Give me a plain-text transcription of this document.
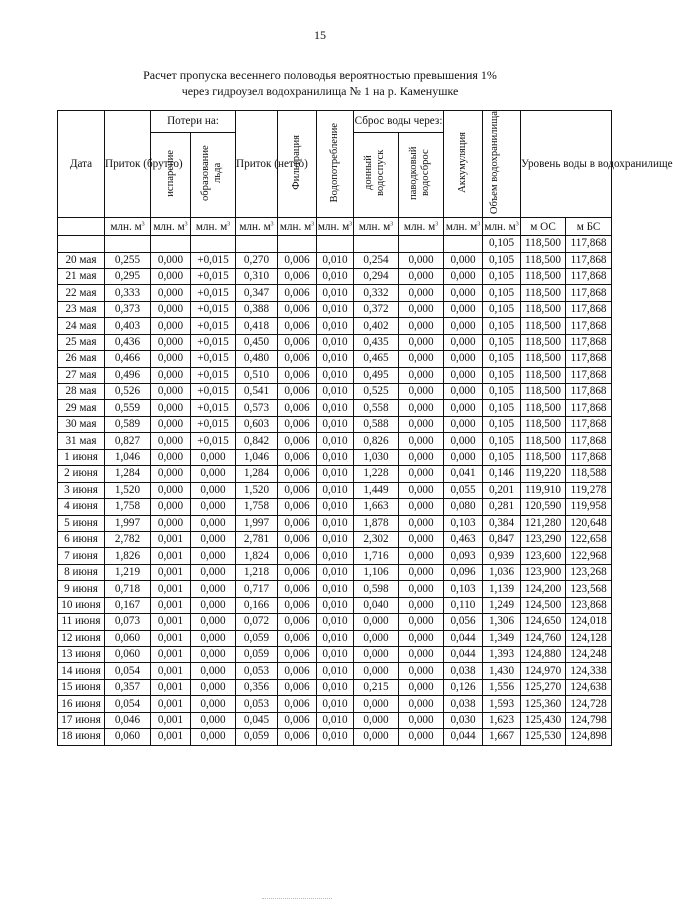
15
Расчет пропуска весеннего половодья вероятностью превышения 1%
через гидроузел водохранилища № 1 на р. Каменушке
Дата	Приток (брутто)	Потери на:		Приток (нетто)	Фильтрация	Водопотребление	Сброс воды через:		Аккумуляция	Объем водохранилища	Уровень воды в водохранилище	
		испарение	образование льда				донный водоспуск	паводковый водосброс				
	млн. $м^3$	млн. $м^3$	млн. $м^3$	млн. $м^3$	млн. $м^3$	млн. $м^3$	млн. $м^3$	млн. $м^3$	млн. $м^3$	млн. $м^3$	м ОС	м БС
										0,105	118,500	117,868
20 мая	0,255	0,000	+0,015	0,270	0,006	0,010	0,254	0,000	0,000	0,105	118,500	117,868
21 мая	0,295	0,000	+0,015	0,310	0,006	0,010	0,294	0,000	0,000	0,105	118,500	117,868
22 мая	0,333	0,000	+0,015	0,347	0,006	0,010	0,332	0,000	0,000	0,105	118,500	117,868
23 мая	0,373	0,000	+0,015	0,388	0,006	0,010	0,372	0,000	0,000	0,105	118,500	117,868
24 мая	0,403	0,000	+0,015	0,418	0,006	0,010	0,402	0,000	0,000	0,105	118,500	117,868
25 мая	0,436	0,000	+0,015	0,450	0,006	0,010	0,435	0,000	0,000	0,105	118,500	117,868
26 мая	0,466	0,000	+0,015	0,480	0,006	0,010	0,465	0,000	0,000	0,105	118,500	117,868
27 мая	0,496	0,000	+0,015	0,510	0,006	0,010	0,495	0,000	0,000	0,105	118,500	117,868
28 мая	0,526	0,000	+0,015	0,541	0,006	0,010	0,525	0,000	0,000	0,105	118,500	117,868
29 мая	0,559	0,000	+0,015	0,573	0,006	0,010	0,558	0,000	0,000	0,105	118,500	117,868
30 мая	0,589	0,000	+0,015	0,603	0,006	0,010	0,588	0,000	0,000	0,105	118,500	117,868
31 мая	0,827	0,000	+0,015	0,842	0,006	0,010	0,826	0,000	0,000	0,105	118,500	117,868
1 июня	1,046	0,000	0,000	1,046	0,006	0,010	1,030	0,000	0,000	0,105	118,500	117,868
2 июня	1,284	0,000	0,000	1,284	0,006	0,010	1,228	0,000	0,041	0,146	119,220	118,588
3 июня	1,520	0,000	0,000	1,520	0,006	0,010	1,449	0,000	0,055	0,201	119,910	119,278
4 июня	1,758	0,000	0,000	1,758	0,006	0,010	1,663	0,000	0,080	0,281	120,590	119,958
5 июня	1,997	0,000	0,000	1,997	0,006	0,010	1,878	0,000	0,103	0,384	121,280	120,648
6 июня	2,782	0,001	0,000	2,781	0,006	0,010	2,302	0,000	0,463	0,847	123,290	122,658
7 июня	1,826	0,001	0,000	1,824	0,006	0,010	1,716	0,000	0,093	0,939	123,600	122,968
8 июня	1,219	0,001	0,000	1,218	0,006	0,010	1,106	0,000	0,096	1,036	123,900	123,268
9 июня	0,718	0,001	0,000	0,717	0,006	0,010	0,598	0,000	0,103	1,139	124,200	123,568
10 июня	0,167	0,001	0,000	0,166	0,006	0,010	0,040	0,000	0,110	1,249	124,500	123,868
11 июня	0,073	0,001	0,000	0,072	0,006	0,010	0,000	0,000	0,056	1,306	124,650	124,018
12 июня	0,060	0,001	0,000	0,059	0,006	0,010	0,000	0,000	0,044	1,349	124,760	124,128
13 июня	0,060	0,001	0,000	0,059	0,006	0,010	0,000	0,000	0,044	1,393	124,880	124,248
14 июня	0,054	0,001	0,000	0,053	0,006	0,010	0,000	0,000	0,038	1,430	124,970	124,338
15 июня	0,357	0,001	0,000	0,356	0,006	0,010	0,215	0,000	0,126	1,556	125,270	124,638
16 июня	0,054	0,001	0,000	0,053	0,006	0,010	0,000	0,000	0,038	1,593	125,360	124,728
17 июня	0,046	0,001	0,000	0,045	0,006	0,010	0,000	0,000	0,030	1,623	125,430	124,798
18 июня	0,060	0,001	0,000	0,059	0,006	0,010	0,000	0,000	0,044	1,667	125,530	124,898
